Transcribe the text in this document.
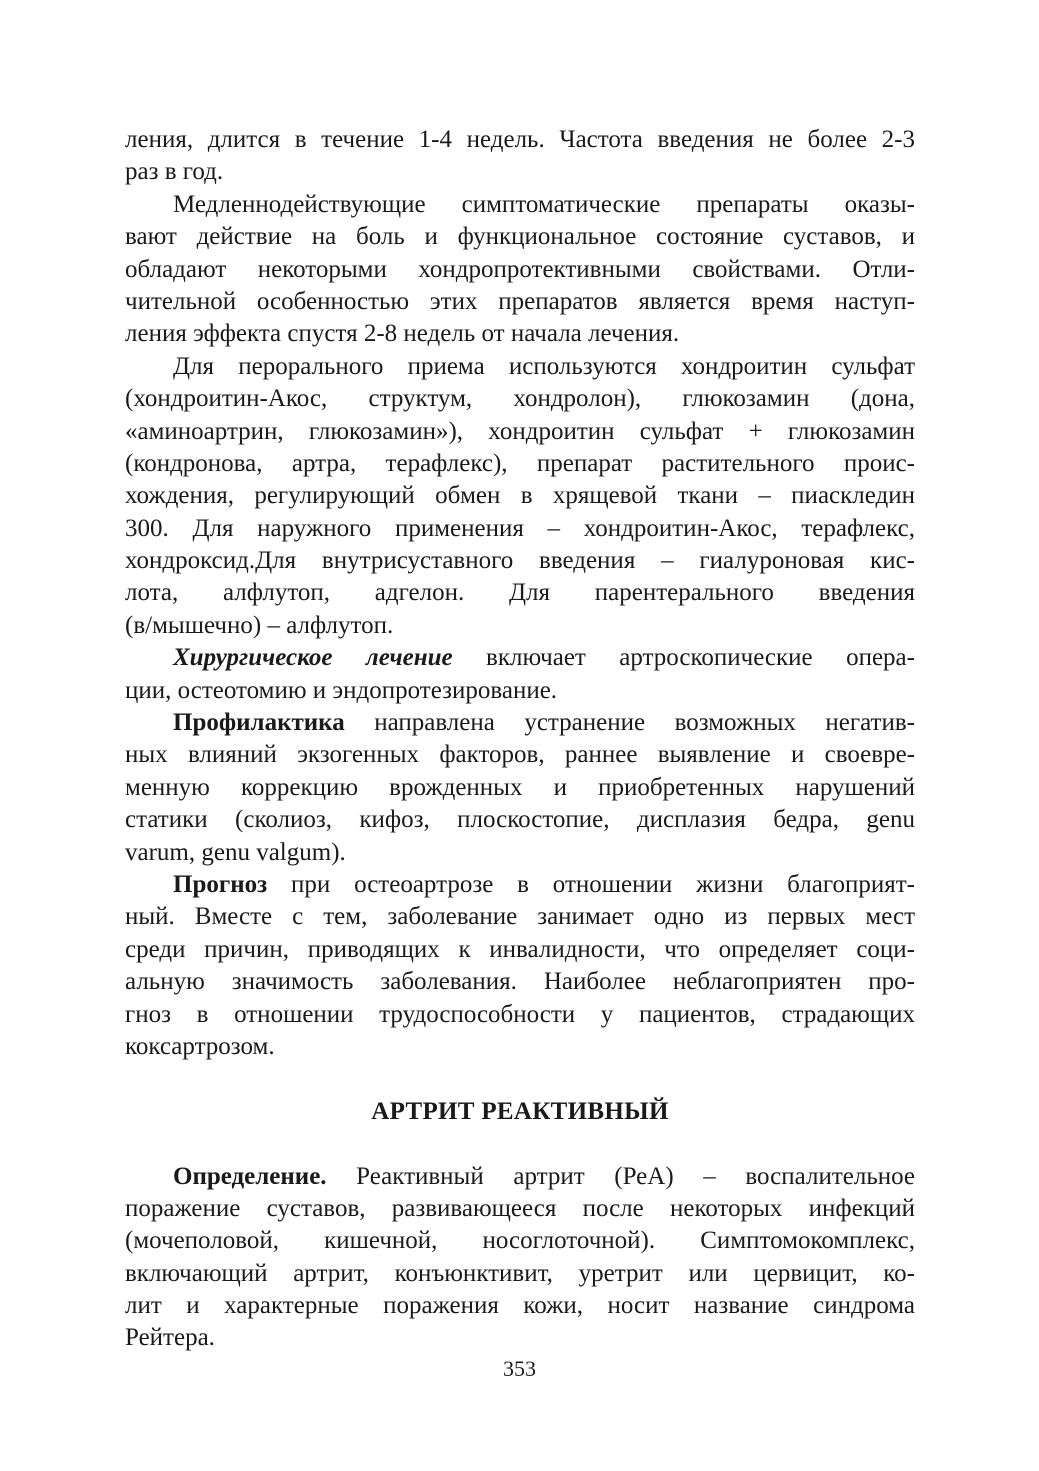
ления, длится в течение 1-4 недель. Частота введения не более 2-3
раз в год.
Медленнодействующие симптоматические препараты оказы-
вают действие на боль и функциональное состояние суставов, и
обладают некоторыми хондропротективными свойствами. Отли-
чительной особенностью этих препаратов является время наступ-
ления эффекта спустя 2-8 недель от начала лечения.
Для перорального приема используются хондроитин сульфат
(хондроитин-Акос, структум, хондролон), глюкозамин (дона,
«аминоартрин, глюкозамин»), хондроитин сульфат + глюкозамин
(кондронова, артра, терафлекс), препарат растительного проис-
хождения, регулирующий обмен в хрящевой ткани – пиаскледин
300. Для наружного применения – хондроитин-Акос, терафлекс,
хондроксид.Для внутрисуставного введения – гиалуроновая кис-
лота, алфлутоп, адгелон. Для парентерального введения
(в/мышечно) – алфлутоп.
Хирургическое лечение включает артроскопические опера-
ции, остеотомию и эндопротезирование.
Профилактика направлена устранение возможных негатив-
ных влияний экзогенных факторов, раннее выявление и своевре-
менную коррекцию врожденных и приобретенных нарушений
статики (сколиоз, кифоз, плоскостопие, дисплазия бедра, genu
varum, genu valgum).
Прогноз при остеоартрозе в отношении жизни благоприят-
ный. Вместе с тем, заболевание занимает одно из первых мест
среди причин, приводящих к инвалидности, что определяет соци-
альную значимость заболевания. Наиболее неблагоприятен про-
гноз в отношении трудоспособности у пациентов, страдающих
коксартрозом.
АРТРИТ РЕАКТИВНЫЙ
Определение. Реактивный артрит (РеА) – воспалительное
поражение суставов, развивающееся после некоторых инфекций
(мочеполовой, кишечной, носоглоточной). Симптомокомплекс,
включающий артрит, конъюнктивит, уретрит или цервицит, ко-
лит и характерные поражения кожи, носит название синдрома
Рейтера.
353
